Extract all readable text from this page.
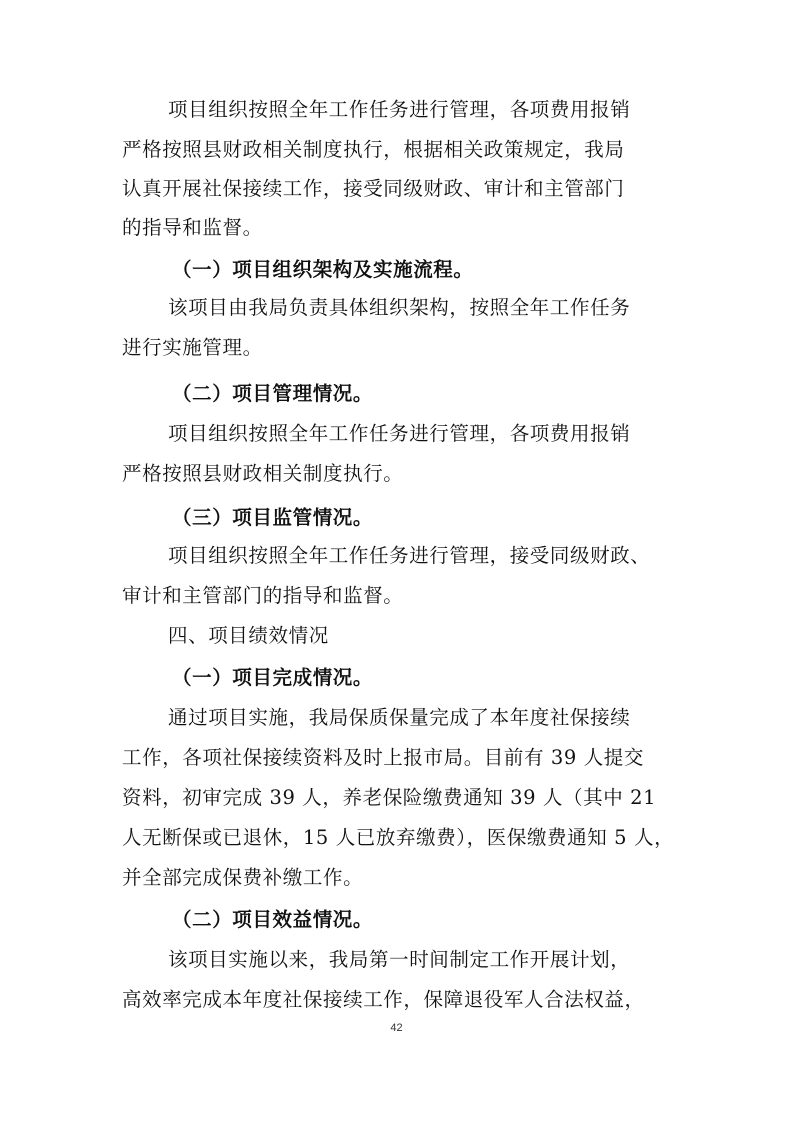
项目组织按照全年工作任务进行管理，各项费用报销
严格按照县财政相关制度执行，根据相关政策规定，我局
认真开展社保接续工作，接受同级财政、审计和主管部门
的指导和监督。
（一）项目组织架构及实施流程。
该项目由我局负责具体组织架构，按照全年工作任务
进行实施管理。
（二）项目管理情况。
项目组织按照全年工作任务进行管理，各项费用报销
严格按照县财政相关制度执行。
（三）项目监管情况。
项目组织按照全年工作任务进行管理，接受同级财政、
审计和主管部门的指导和监督。
四、项目绩效情况
（一）项目完成情况。
通过项目实施，我局保质保量完成了本年度社保接续
工作，各项社保接续资料及时上报市局。目前有 39 人提交
资料，初审完成 39 人，养老保险缴费通知 39 人（其中 21
人无断保或已退休，15 人已放弃缴费），医保缴费通知 5 人，
并全部完成保费补缴工作。
（二）项目效益情况。
该项目实施以来，我局第一时间制定工作开展计划，
高效率完成本年度社保接续工作，保障退役军人合法权益，
42
